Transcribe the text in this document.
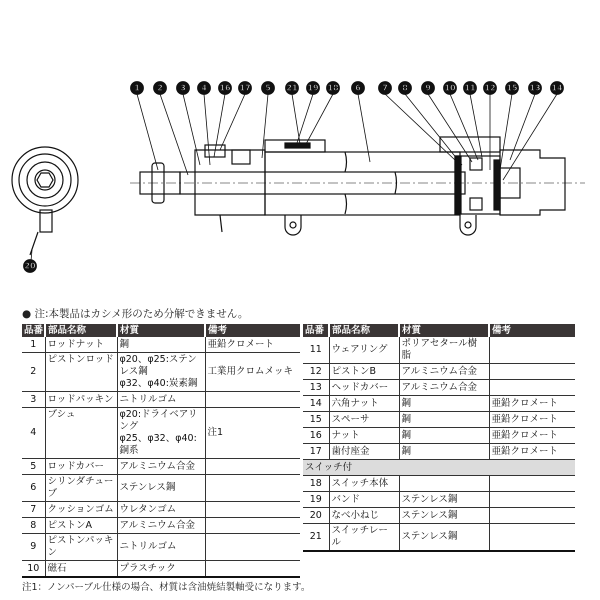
1 2 3 4 16 17 5 21 19 18 6	7 8 9 10 11 12 15 13 14
20
● 注:本製品はカシメ形のため分解できません。
品番	部品名称	材質	備考
1	ロッドナット	鋼	亜鉛クロメート
2	ピストンロッド	φ20、φ25:ステンレス鋼
φ32、φ40:炭素鋼	工業用クロムメッキ
3	ロッドパッキン	ニトリルゴム	
4	ブシュ	φ20:ドライベアリング
φ25、φ32、φ40:銅系	注1
5	ロッドカバー	アルミニウム合金	
6	シリンダチューブ	ステンレス鋼	
7	クッションゴム	ウレタンゴム	
8	ピストンA	アルミニウム合金	
9	ピストンパッキン	ニトリルゴム	
10	磁石	プラスチック	
品番	部品名称	材質	備考
11	ウェアリング	ポリアセタール樹脂	
12	ピストンB	アルミニウム合金	
13	ヘッドカバー	アルミニウム合金	
14	六角ナット	鋼	亜鉛クロメート
15	スペーサ	鋼	亜鉛クロメート
16	ナット	鋼	亜鉛クロメート
17	歯付座金	鋼	亜鉛クロメート
スイッチ付			
18	スイッチ本体		
19	バンド	ステンレス鋼	
20	なべ小ねじ	ステンレス鋼	
21	スイッチレール	ステンレス鋼	
注1：ノンパーブル仕様の場合、材質は含油焼結製軸受になります。
